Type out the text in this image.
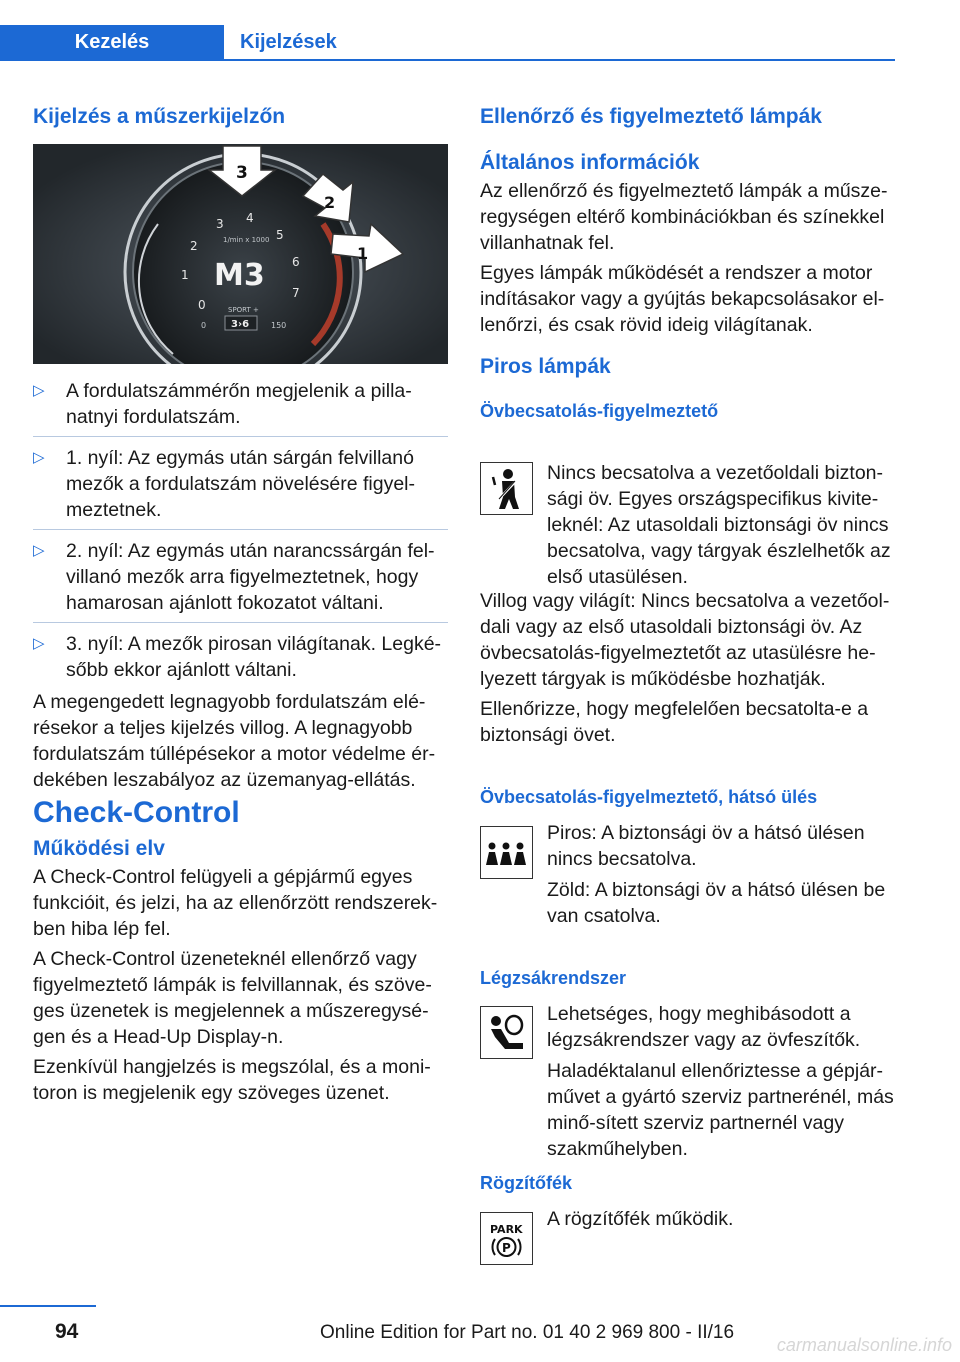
Kezelés	Kijelzések
Kijelzés a műszerkijelzőn
0
1
2
3 4
5
6
7
1/min x 1000
M3
SPORT +
3›6
0	150
3
2
1
▷ A fordulatszámmérőn megjelenik a pilla-natnyi fordulatszám.
▷ 1. nyíl: Az egymás után sárgán felvillanó mezők a fordulatszám növelésére figyel-meztetnek.
▷ 2. nyíl: Az egymás után narancssárgán fel-villanó mezők arra figyelmeztetnek, hogy hamarosan ajánlott fokozatot váltani.
▷ 3. nyíl: A mezők pirosan világítanak. Legké-sőbb ekkor ajánlott váltani.

A megengedett legnagyobb fordulatszám elé-résekor a teljes kijelzés villog. A legnagyobb fordulatszám túllépésekor a motor védelme ér-dekében leszabályoz az üzemanyag-ellátás.

Check-Control
Működési elv

A Check-Control felügyeli a gépjármű egyes funkcióit, és jelzi, ha az ellenőrzött rendszerek-ben hiba lép fel.

A Check-Control üzeneteknél ellenőrző vagy figyelmeztető lámpák is felvillannak, és szöve-ges üzenetek is megjelennek a műszeregysé-gen és a Head-Up Display-n.

Ezenkívül hangjelzés is megszólal, és a moni-toron is megjelenik egy szöveges üzenet.

Ellenőrző és figyelmeztető lámpák
Általános információk

Az ellenőrző és figyelmeztető lámpák a műsze-regységen eltérő kombinációkban és színekkel villanhatnak fel.

Egyes lámpák működését a rendszer a motor indításakor vagy a gyújtás bekapcsolásakor el-lenőrzi, és csak rövid ideig világítanak.

Piros lámpák
Övbecsatolás-figyelmeztető

Nincs becsatolva a vezetőoldali bizton-sági öv. Egyes országspecifikus kivite-leknél: Az utasoldali biztonsági öv nincs becsatolva, vagy tárgyak észlelhetők az első utasülésen.

Villog vagy világít: Nincs becsatolva a vezetőol-dali vagy az első utasoldali biztonsági öv. Az övbecsatolás-figyelmeztetőt az utasülésre he-lyezett tárgyak is működésbe hozhatják.

Ellenőrizze, hogy megfelelően becsatolta-e a biztonsági övet.

Övbecsatolás-figyelmeztető, hátsó ülés

Piros: A biztonsági öv a hátsó ülésen nincs becsatolva.

Zöld: A biztonsági öv a hátsó ülésen be van csatolva.

Légzsákrendszer

Lehetséges, hogy meghibásodott a légzsákrendszer vagy az övfeszítők.

Haladéktalanul ellenőriztesse a gépjár-művet a gyártó szerviz partnerénél, más minő-sített szerviz partnernél vagy szakműhelyben.

Rögzítőfék
PARK
P

A rögzítőfék működik.

94	Online Edition for Part no. 01 40 2 969 800 - II/16
carmanualsonline.info
